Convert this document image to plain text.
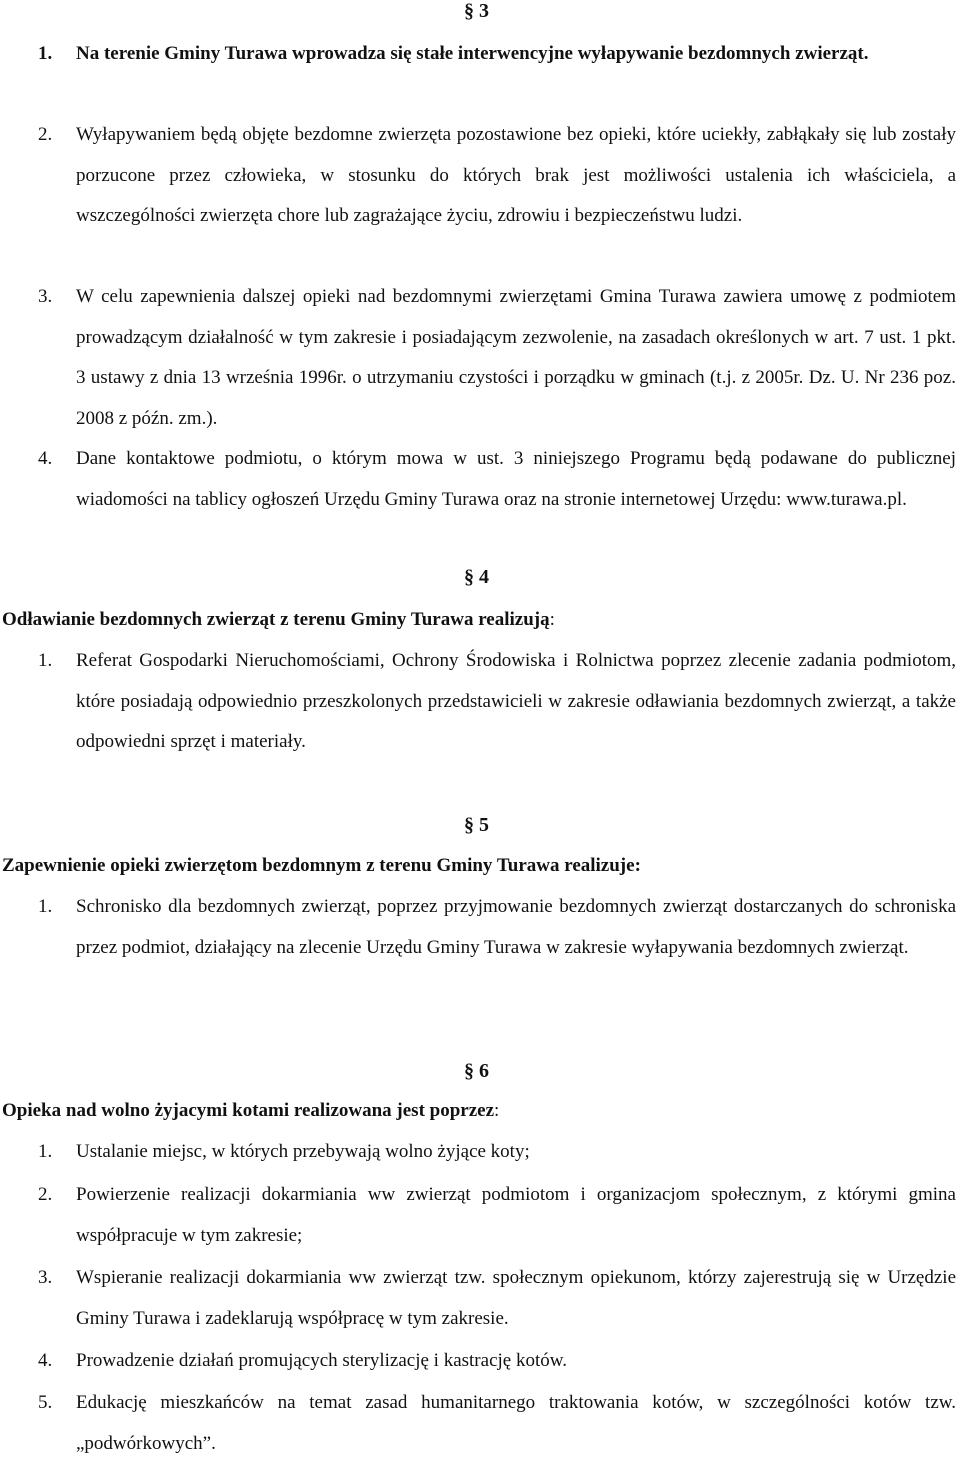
§ 3
1.	Na terenie Gminy Turawa wprowadza się stałe interwencyjne wyłapywanie bezdomnych zwierząt.
2.	Wyłapywaniem będą objęte bezdomne zwierzęta pozostawione bez opieki, które uciekły, zabłąkały się lub zostały porzucone przez człowieka, w stosunku do których brak jest możliwości ustalenia ich właściciela, a wszczególności zwierzęta chore lub zagrażające życiu, zdrowiu i bezpieczeństwu ludzi.
3.	W celu zapewnienia dalszej opieki nad bezdomnymi zwierzętami Gmina Turawa zawiera umowę z podmiotem prowadzącym działalność w tym zakresie i posiadającym zezwolenie, na zasadach określonych w art. 7 ust. 1 pkt. 3 ustawy z dnia 13 września 1996r. o utrzymaniu czystości i porządku w gminach (t.j. z 2005r. Dz. U. Nr 236 poz. 2008 z późn. zm.).
4.	Dane kontaktowe podmiotu, o którym mowa w ust. 3 niniejszego Programu będą podawane do publicznej wiadomości na tablicy ogłoszeń Urzędu Gminy Turawa oraz na stronie internetowej Urzędu: www.turawa.pl.
§ 4
Odławianie bezdomnych zwierząt z terenu Gminy Turawa realizują:
1.	Referat Gospodarki Nieruchomościami, Ochrony Środowiska i Rolnictwa poprzez zlecenie zadania podmiotom, które posiadają odpowiednio przeszkolonych przedstawicieli w zakresie odławiania bezdomnych zwierząt, a także odpowiedni sprzęt i materiały.
§ 5
Zapewnienie opieki zwierzętom bezdomnym z terenu Gminy Turawa realizuje:
1.	Schronisko dla bezdomnych zwierząt, poprzez przyjmowanie bezdomnych zwierząt dostarczanych do schroniska przez podmiot, działający na zlecenie Urzędu Gminy Turawa w zakresie wyłapywania bezdomnych zwierząt.
§ 6
Opieka nad wolno żyjacymi kotami realizowana jest poprzez:
1.	Ustalanie miejsc, w których przebywają wolno żyjące koty;
2.	Powierzenie realizacji dokarmiania ww zwierząt podmiotom i organizacjom społecznym, z którymi gmina współpracuje w tym zakresie;
3.	Wspieranie realizacji dokarmiania ww zwierząt tzw. społecznym opiekunom, którzy zajerestrują się w Urzędzie Gminy Turawa i zadeklarują współpracę w tym zakresie.
4.	Prowadzenie działań promujących sterylizację i kastrację kotów.
5.	Edukację mieszkańców na temat zasad humanitarnego traktowania kotów, w szczególności kotów tzw. „podwórkowych”.
